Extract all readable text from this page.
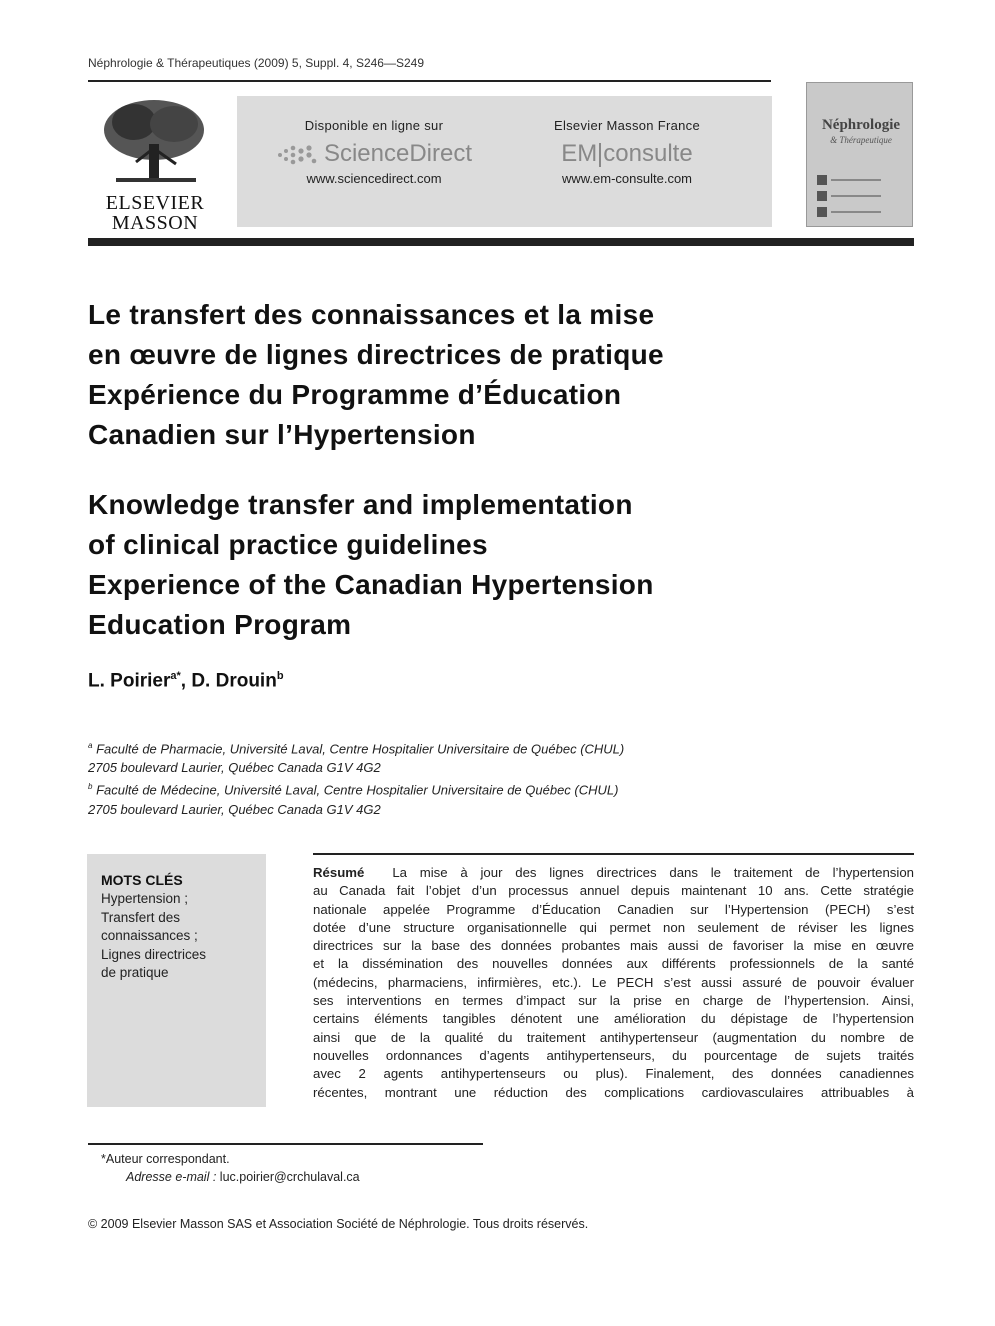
Néphrologie & Thérapeutiques (2009) 5, Suppl. 4, S246—S249
ELSEVIER
MASSON
Disponible en ligne sur
ScienceDirect
www.sciencedirect.com
Elsevier Masson France
EM consulte
www.em-consulte.com
Néphrologie
& Thérapeutique
Le transfert des connaissances et la mise
en œuvre de lignes directrices de pratique
Expérience du Programme d’Éducation
Canadien sur l’Hypertension
Knowledge transfer and implementation
of clinical practice guidelines
Experience of the Canadian Hypertension
Education Program
L. Poirier$^{a*}$, D. Drouin$^b$
$^a$ Faculté de Pharmacie, Université Laval, Centre Hospitalier Universitaire de Québec (CHUL)
2705 boulevard Laurier, Québec Canada G1V 4G2
$^b$ Faculté de Médecine, Université Laval, Centre Hospitalier Universitaire de Québec (CHUL)
2705 boulevard Laurier, Québec Canada G1V 4G2
MOTS CLÉS
Hypertension ;
Transfert des
connaissances ;
Lignes directrices
de pratique
Résumé La mise à jour des lignes directrices dans le traitement de l’hypertension
au Canada fait l’objet d’un processus annuel depuis maintenant 10 ans. Cette stratégie
nationale appelée Programme d’Éducation Canadien sur l’Hypertension (PECH) s’est
dotée d’une structure organisationnelle qui permet non seulement de réviser les lignes
directrices sur la base des données probantes mais aussi de favoriser la mise en œuvre
et la dissémination des nouvelles données aux différents professionnels de la santé
(médecins, pharmaciens, infirmières, etc.). Le PECH s’est aussi assuré de pouvoir évaluer
ses interventions en termes d’impact sur la prise en charge de l’hypertension. Ainsi,
certains éléments tangibles dénotent une amélioration du dépistage de l’hypertension
ainsi que de la qualité du traitement antihypertenseur (augmentation du nombre de
nouvelles ordonnances d’agents antihypertenseurs, du pourcentage de sujets traités
avec 2 agents antihypertenseurs ou plus). Finalement, des données canadiennes
récentes, montrant une réduction des complications cardiovasculaires attribuables à
*Auteur correspondant.
Adresse e-mail : luc.poirier@crchulaval.ca
© 2009 Elsevier Masson SAS et Association Société de Néphrologie. Tous droits réservés.
